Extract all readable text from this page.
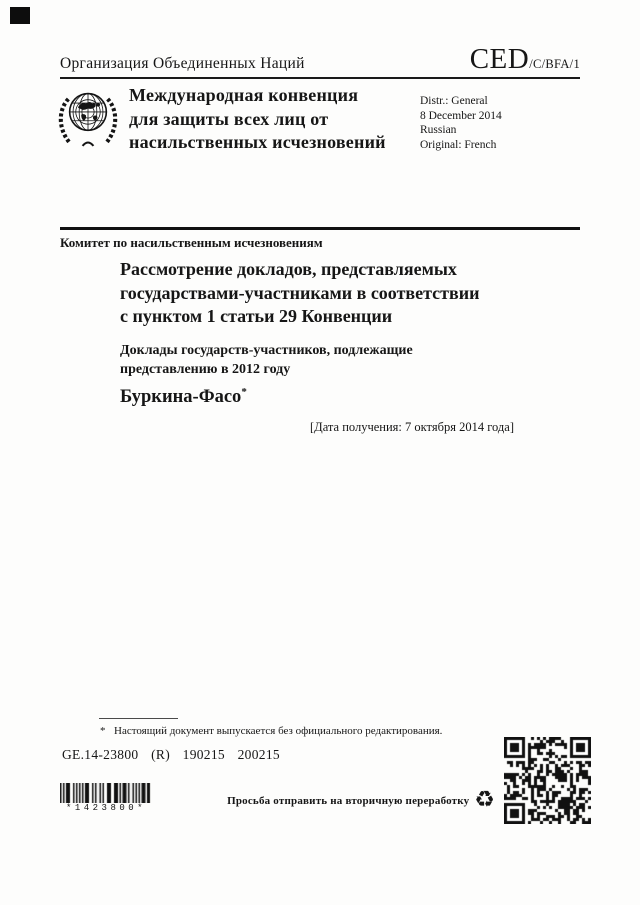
Организация Объединенных Наций	CED /C/BFA/1
Международная конвенция
для защиты всех лиц от
насильственных исчезновений
Distr.: General
8 December 2014
Russian
Original: French
Комитет по насильственным исчезновениям
Рассмотрение докладов, представляемых
государствами-участниками в соответствии
с пунктом 1 статьи 29 Конвенции
Доклады государств-участников, подлежащие
представлению в 2012 году
Буркина-Фасо*
[Дата получения: 7 октября 2014 года]
* Настоящий документ выпускается без официального редактирования.
GE.14-23800 (R) 190215 200215
*1423800*
Просьба отправить на вторичную переработку ♻
